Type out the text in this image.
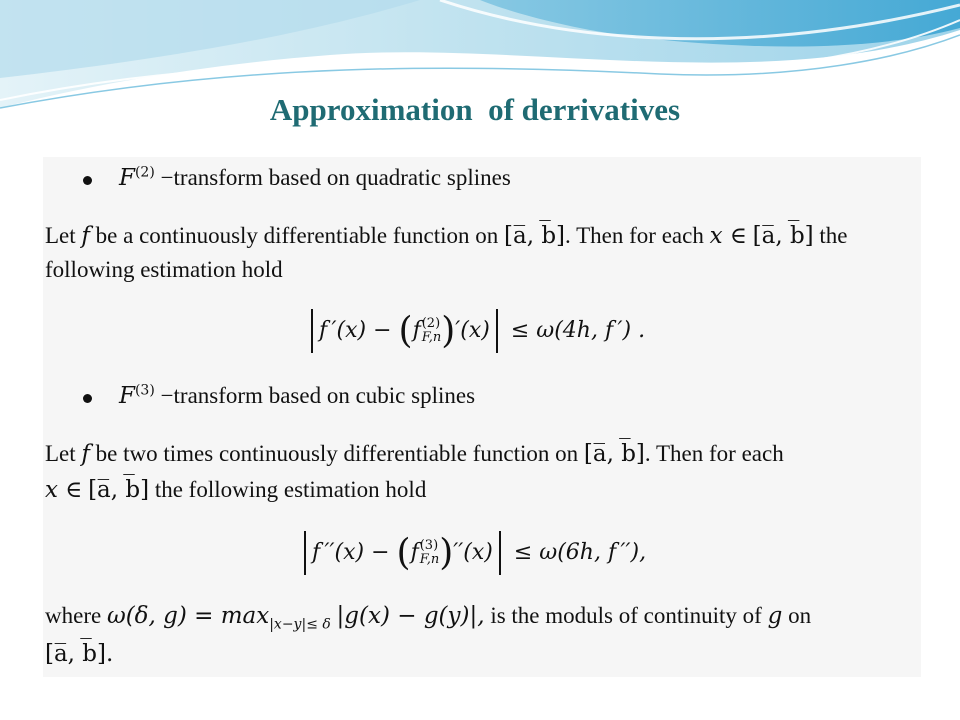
Approximation  of derrivatives
$F^{(2)}$ −transform based on quadratic splines
Let f be a continuously differentiable function on [a̅, b̅]. Then for each x ∈ [a̅, b̅] the
following estimation hold
f ′(x) − (f (2)
F,n )′(x) ≤ ω(4h, f ′) .
$F^{(3)}$ −transform based on cubic splines
Let f be two times continuously differentiable function on [a̅, b̅]. Then for each
x ∈ [a̅, b̅] the following estimation hold
f ′′(x) − (f (3)
F,n )′′(x) ≤ ω(6h, f ′′),
where ω(δ, $g) = \max_{|x-y|\le \delta} |g(x) - g(y)|$, is the moduls of continuity of g on
[a̅, b̅].
